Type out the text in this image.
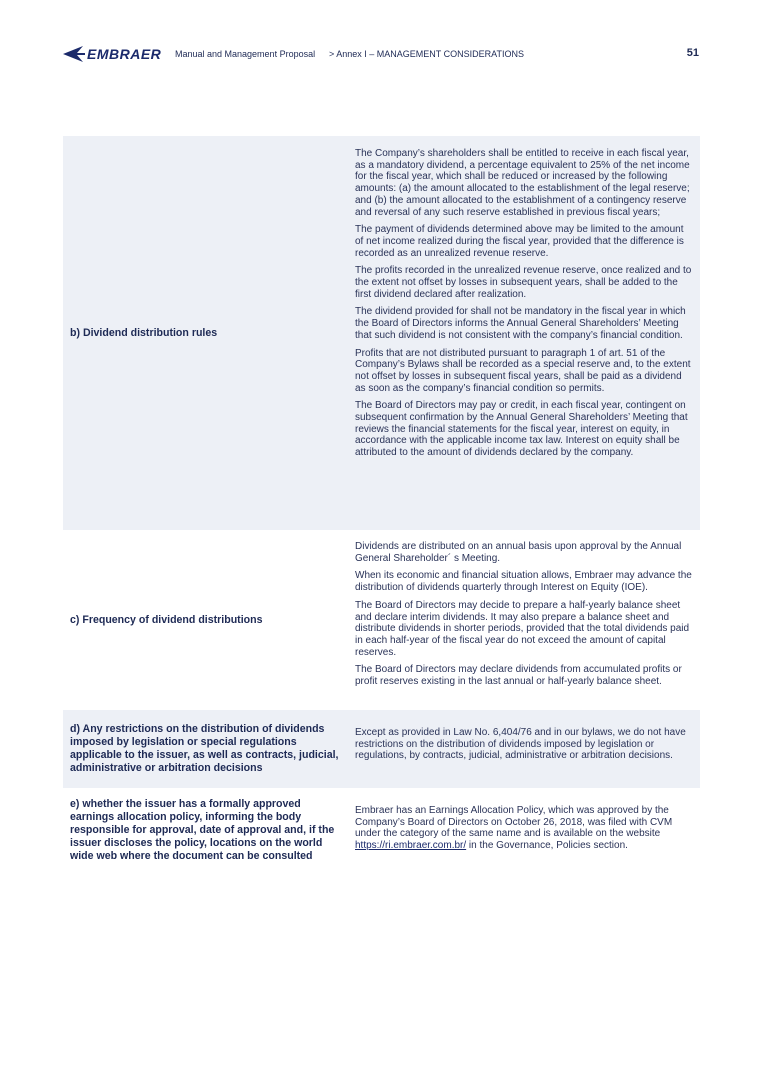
EMBRAER Manual and Management Proposal > Annex I – MANAGEMENT CONSIDERATIONS	51
b) Dividend distribution rules

The Company’s shareholders shall be entitled to receive in each fiscal year, as a mandatory dividend, a percentage equivalent to 25% of the net income for the fiscal year, which shall be reduced or increased by the following amounts: (a) the amount allocated to the establishment of the legal reserve; and (b) the amount allocated to the establishment of a contingency reserve and reversal of any such reserve established in previous fiscal years;

The payment of dividends determined above may be limited to the amount of net income realized during the fiscal year, provided that the difference is recorded as an unrealized revenue reserve.

The profits recorded in the unrealized revenue reserve, once realized and to the extent not offset by losses in subsequent years, shall be added to the first dividend declared after realization.

The dividend provided for shall not be mandatory in the fiscal year in which the Board of Directors informs the Annual General Shareholders’ Meeting that such dividend is not consistent with the company’s financial condition.

Profits that are not distributed pursuant to paragraph 1 of art. 51 of the Company’s Bylaws shall be recorded as a special reserve and, to the extent not offset by losses in subsequent fiscal years, shall be paid as a dividend as soon as the company’s financial condition so permits.

The Board of Directors may pay or credit, in each fiscal year, contingent on subsequent confirmation by the Annual General Shareholders’ Meeting that reviews the financial statements for the fiscal year, interest on equity, in accordance with the applicable income tax law. Interest on equity shall be attributed to the amount of dividends declared by the company.

c) Frequency of dividend distributions

Dividends are distributed on an annual basis upon approval by the Annual General Shareholder´ s Meeting.

When its economic and financial situation allows, Embraer may advance the distribution of dividends quarterly through Interest on Equity (IOE).

The Board of Directors may decide to prepare a half-yearly balance sheet and declare interim dividends. It may also prepare a balance sheet and distribute dividends in shorter periods, provided that the total dividends paid in each half-year of the fiscal year do not exceed the amount of capital reserves.

The Board of Directors may declare dividends from accumulated profits or profit reserves existing in the last annual or half-yearly balance sheet.

d) Any restrictions on the distribution of dividends imposed by legislation or special regulations applicable to the issuer, as well as contracts, judicial, administrative or arbitration decisions

Except as provided in Law No. 6,404/76 and in our bylaws, we do not have restrictions on the distribution of dividends imposed by legislation or regulations, by contracts, judicial, administrative or arbitration decisions.

e) whether the issuer has a formally approved earnings allocation policy, informing the body responsible for approval, date of approval and, if the issuer discloses the policy, locations on the world wide web where the document can be consulted

Embraer has an Earnings Allocation Policy, which was approved by the Company’s Board of Directors on October 26, 2018, was filed with CVM under the category of the same name and is available on the website https://ri.embraer.com.br/ in the Governance, Policies section.
